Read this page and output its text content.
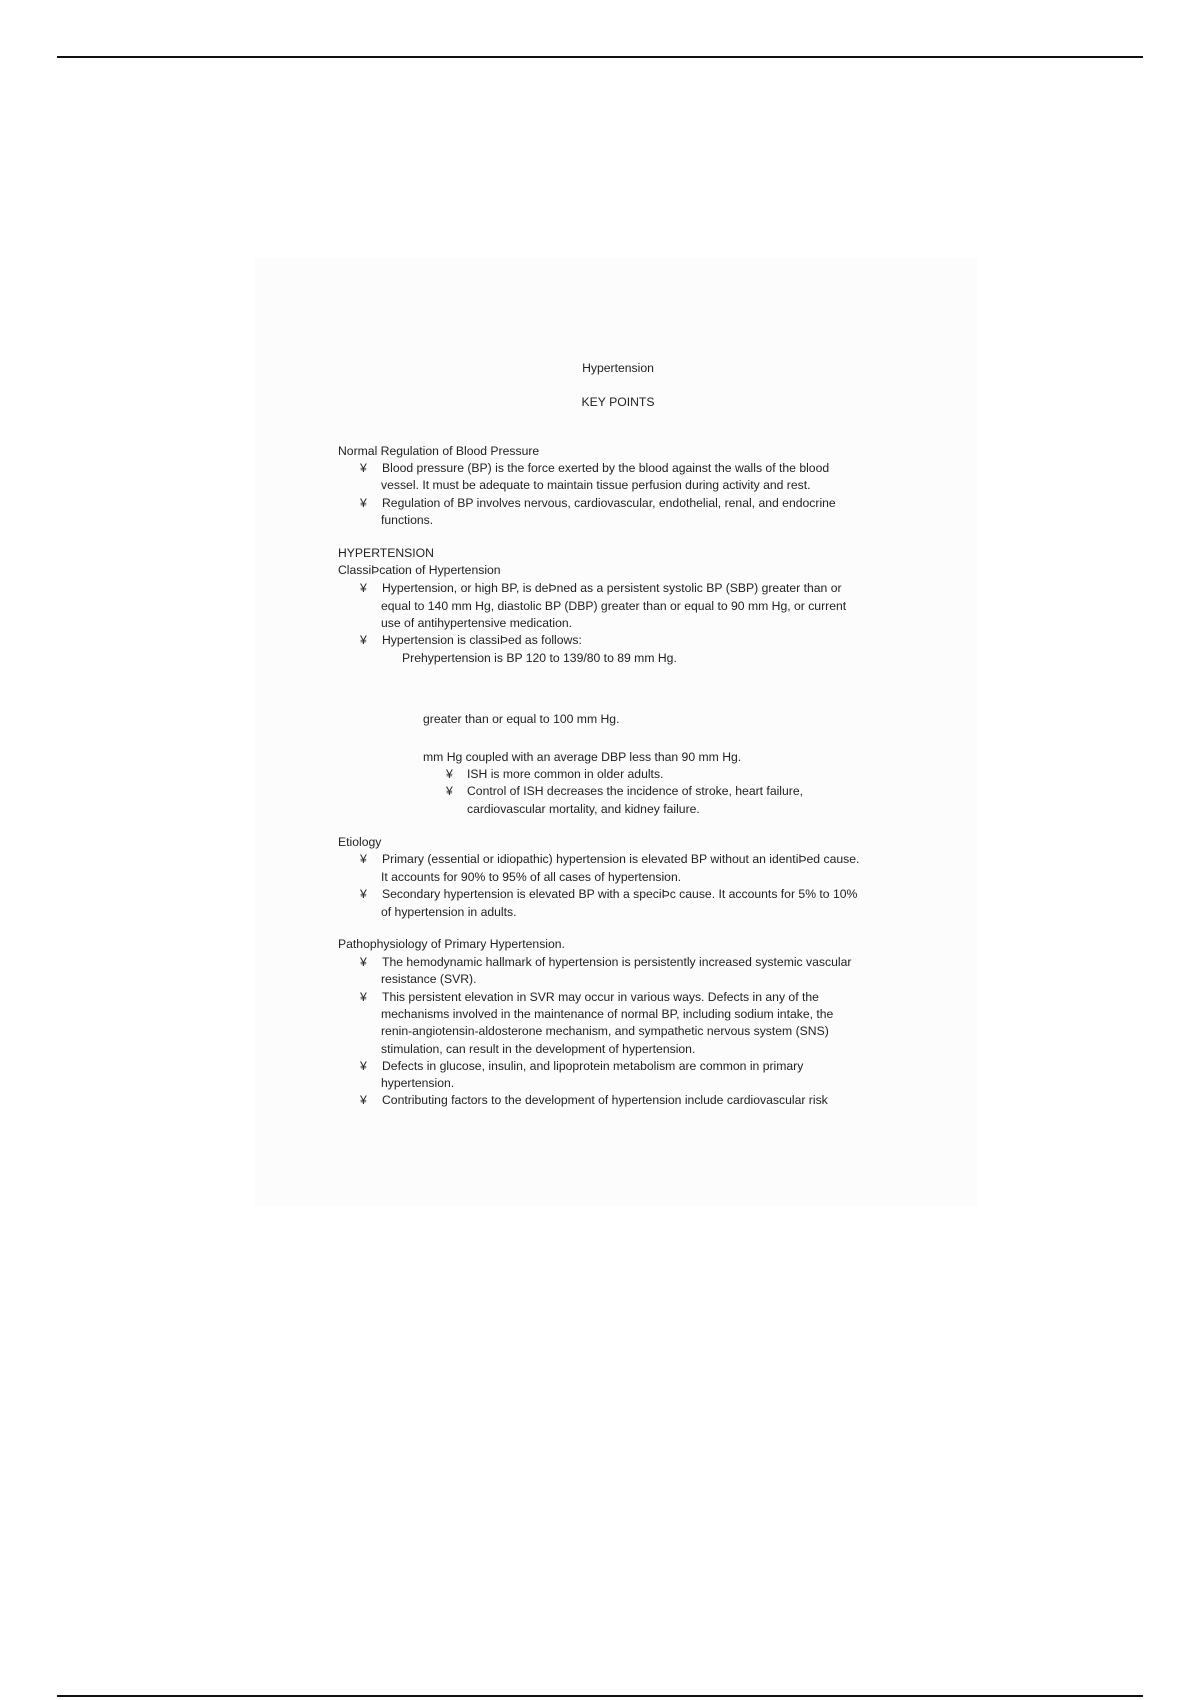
Hypertension
KEY POINTS
Normal Regulation of Blood Pressure
¥ Blood pressure (BP) is the force exerted by the blood against the walls of the blood
vessel. It must be adequate to maintain tissue perfusion during activity and rest.
¥ Regulation of BP involves nervous, cardiovascular, endothelial, renal, and endocrine
functions.
HYPERTENSION
ClassiÞcation of Hypertension
¥ Hypertension, or high BP, is deÞned as a persistent systolic BP (SBP) greater than or
equal to 140 mm Hg, diastolic BP (DBP) greater than or equal to 90 mm Hg, or current
use of antihypertensive medication.
¥ Hypertension is classiÞed as follows:
Prehypertension is BP 120 to 139/80 to 89 mm Hg.
greater than or equal to 100 mm Hg.
mm Hg coupled with an average DBP less than 90 mm Hg.
¥ ISH is more common in older adults.
¥ Control of ISH decreases the incidence of stroke, heart failure,
cardiovascular mortality, and kidney failure.
Etiology
¥ Primary (essential or idiopathic) hypertension is elevated BP without an identiÞed cause.
It accounts for 90% to 95% of all cases of hypertension.
¥ Secondary hypertension is elevated BP with a speciÞc cause. It accounts for 5% to 10%
of hypertension in adults.
Pathophysiology of Primary Hypertension.
¥ The hemodynamic hallmark of hypertension is persistently increased systemic vascular
resistance (SVR).
¥ This persistent elevation in SVR may occur in various ways. Defects in any of the
mechanisms involved in the maintenance of normal BP, including sodium intake, the
renin-angiotensin-aldosterone mechanism, and sympathetic nervous system (SNS)
stimulation, can result in the development of hypertension.
¥ Defects in glucose, insulin, and lipoprotein metabolism are common in primary
hypertension.
¥ Contributing factors to the development of hypertension include cardiovascular risk
